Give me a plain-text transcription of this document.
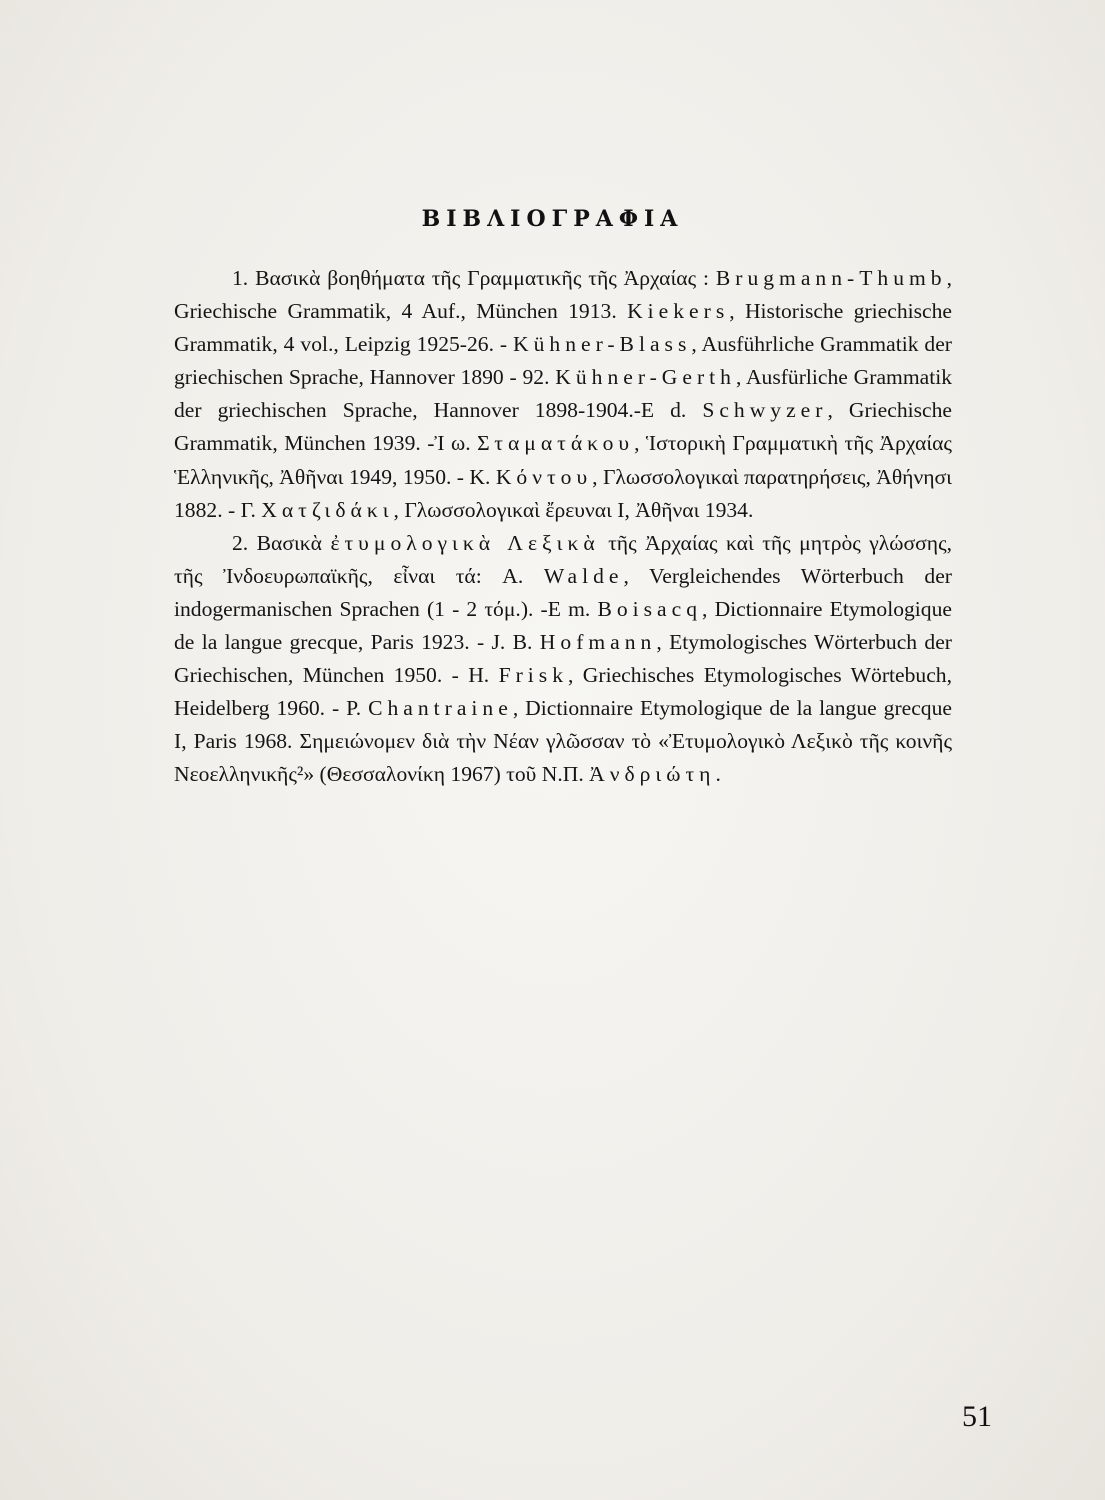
ΒΙΒΛΙΟΓΡΑΦΙΑ

1. Βασικὰ βοηθήματα τῆς Γραμματικῆς τῆς Ἀρχαίας : Brugmann-Thumb, Griechische Grammatik, 4 Auf., München 1913. Kiekers, Historische griechische Grammatik, 4 vol., Leipzig 1925-26. - Kühner-Blass, Ausführliche Grammatik der griechischen Sprache, Hannover 1890 - 92. Kühner-Gerth, Ausfürliche Grammatik der griechischen Sprache, Hannover 1898-1904.-E d. Schwyzer, Griechische Grammatik, München 1939. -Ἰ ω. Σταματάκου, Ἱστορικὴ Γραμματικὴ τῆς Ἀρχαίας Ἑλληνικῆς, Ἀθῆναι 1949, 1950. - Κ. Κόντου, Γλωσσολογικαὶ παρατηρήσεις, Ἀθήνησι 1882. - Γ. Χατζιδάκι, Γλωσσολογικαὶ ἔρευναι Ι, Ἀθῆναι 1934.

2. Βασικὰ ἐτυμολογικὰ Λεξικὰ τῆς Ἀρχαίας καὶ τῆς μητρὸς γλώσσης, τῆς Ἰνδοευρωπαϊκῆς, εἶναι τά: A. Walde, Vergleichendes Wörterbuch der indogermanischen Sprachen (1 - 2 τόμ.). -E m. Boisacq, Dictionnaire Etymologique de la langue grecque, Paris 1923. - J. B. Hofmann, Etymologisches Wörterbuch der Griechischen, München 1950. - H. Frisk, Griechisches Etymologisches Wörtebuch, Heidelberg 1960. - P. Chantraine, Dictionnaire Etymologique de la langue grecque I, Paris 1968. Σημειώνομεν διὰ τὴν Νέαν γλῶσσαν τὸ «Ἐτυμολογικὸ Λεξικὸ τῆς κοινῆς Νεοελληνικῆς²» (Θεσσαλονίκη 1967) τοῦ Ν.Π. Ἀνδριώτη.

51
